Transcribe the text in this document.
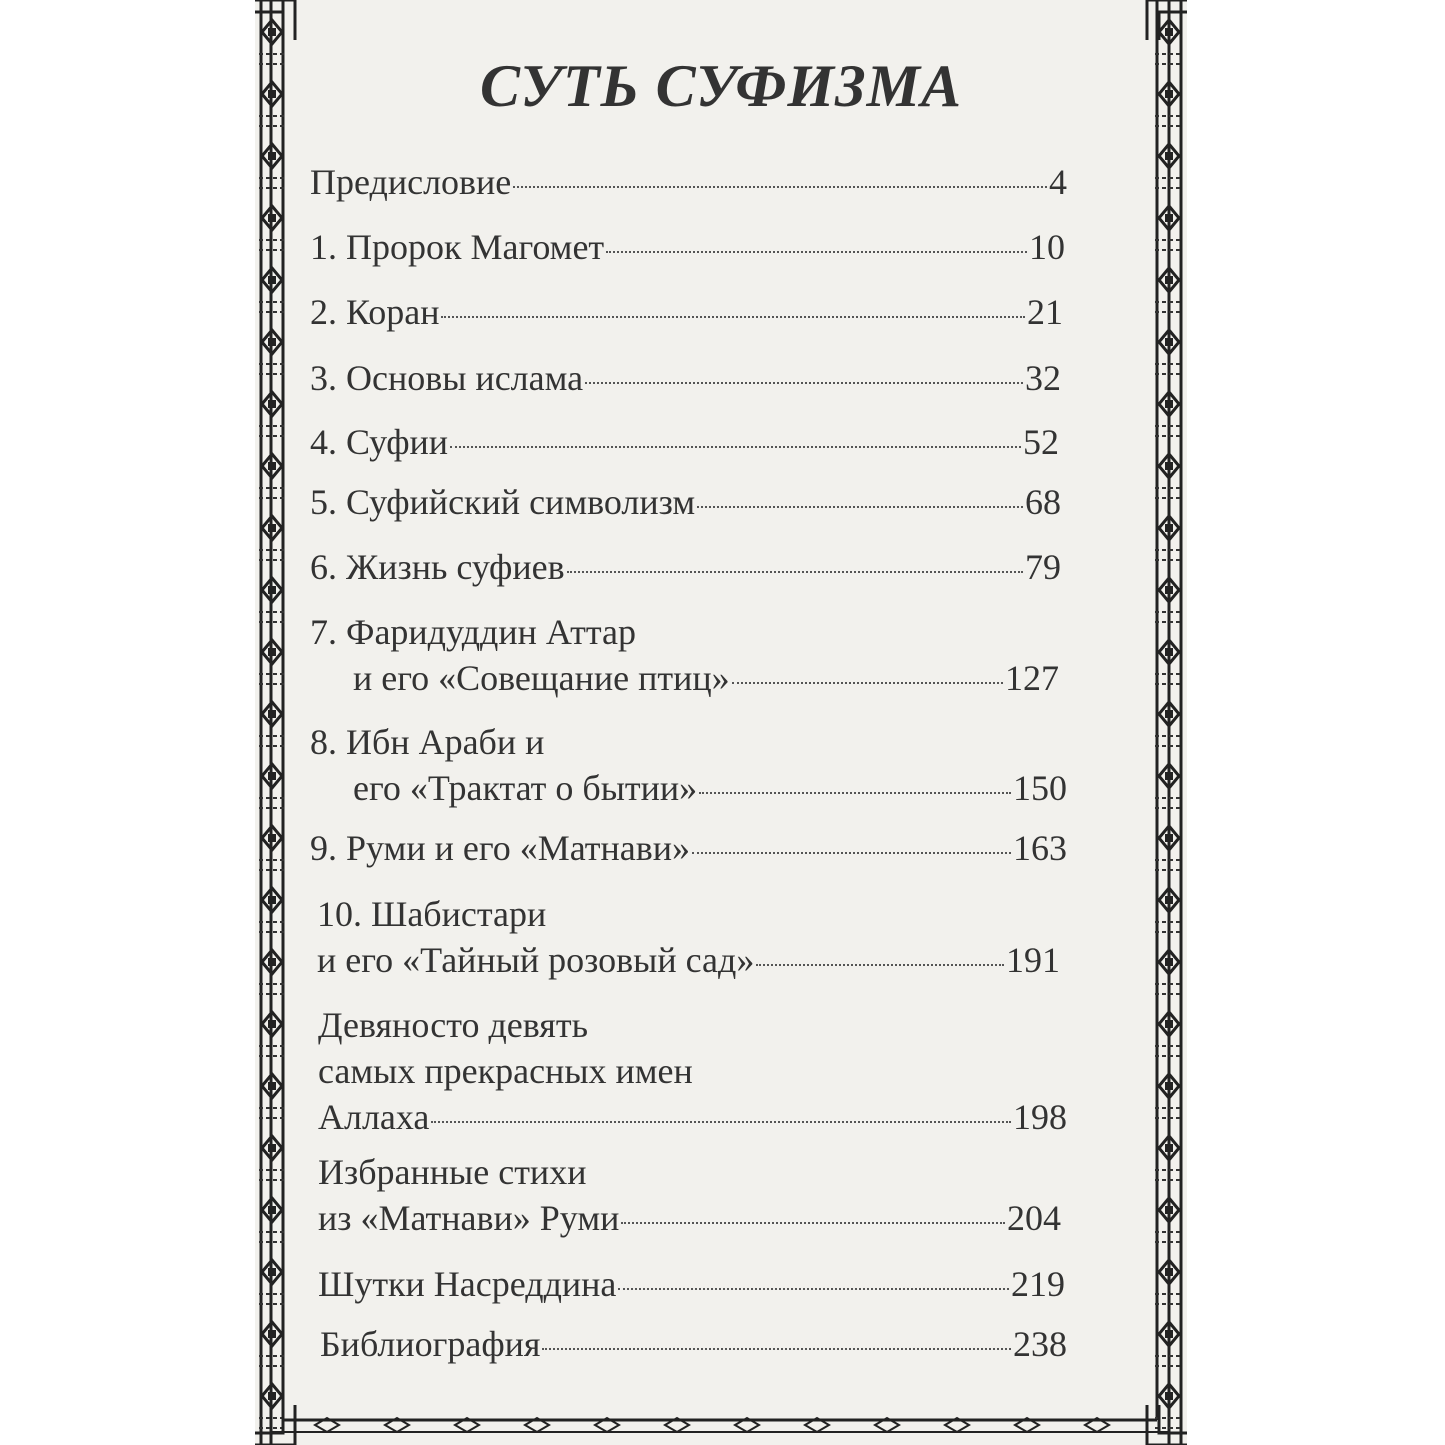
СУТЬ СУФИЗМА
Предисловие	4
1. Пророк Магомет	10
2. Коран	21
3. Основы ислама	32
4. Суфии	52
5. Суфийский символизм	68
6. Жизнь суфиев	79
7. Фаридуддин Аттар
и его «Совещание птиц»	127
8. Ибн Араби и
его «Трактат о бытии»	150
9. Руми и его «Матнави»	163
10. Шабистари
и его «Тайный розовый сад»	191
Девяносто девять
самых прекрасных имен
Аллаха	198
Избранные стихи
из «Матнави» Руми	204
Шутки Насреддина	219
Библиография	238
